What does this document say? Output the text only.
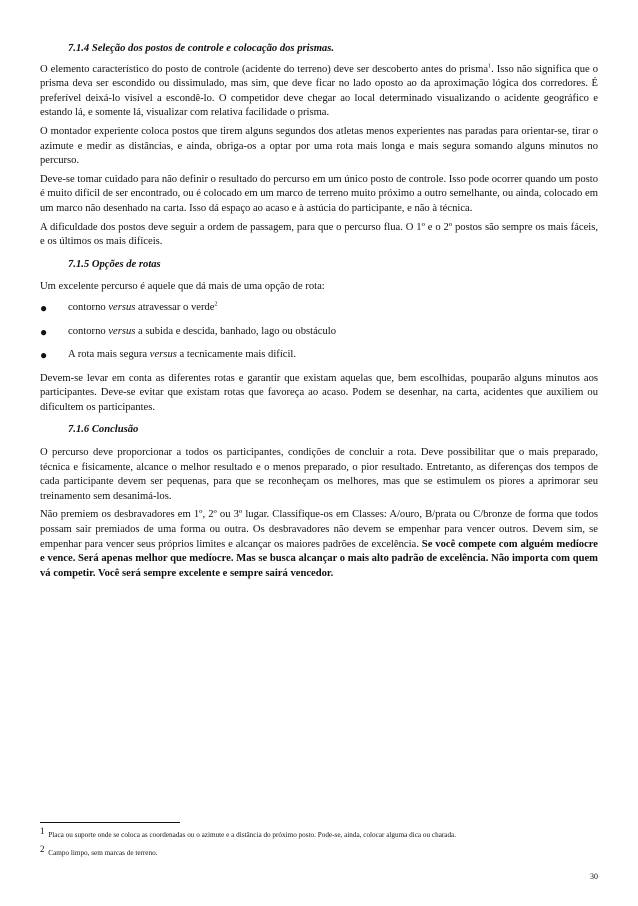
7.1.4 Seleção dos postos de controle e colocação dos prismas.

O elemento característico do posto de controle (acidente do terreno) deve ser descoberto antes do prisma$^1$. Isso não significa que o prisma deva ser escondido ou dissimulado, mas sim, que deve ficar no lado oposto ao da aproximação lógica dos corredores. É preferível deixá-lo visível a escondê-lo. O competidor deve chegar ao local determinado visualizando o acidente geográfico e estando lá, e somente lá, visualizar com relativa facilidade o prisma.

O montador experiente coloca postos que tirem alguns segundos dos atletas menos experientes nas paradas para orientar-se, tirar o azimute e medir as distâncias, e ainda, obriga-os a optar por uma rota mais longa e mais segura somando alguns minutos no percurso.

Deve-se tomar cuidado para não definir o resultado do percurso em um único posto de controle. Isso pode ocorrer quando um posto é muito difícil de ser encontrado, ou é colocado em um marco de terreno muito próximo a outro semelhante, ou ainda, colocado em um marco não desenhado na carta. Isso dá espaço ao acaso e à astúcia do participante, e não à técnica.

A dificuldade dos postos deve seguir a ordem de passagem, para que o percurso flua. O 1º e o 2º postos são sempre os mais fáceis, e os últimos os mais difíceis.

7.1.5 Opções de rotas

Um excelente percurso é aquele que dá mais de uma opção de rota:

● contorno versus atravessar o verde$^2$
● contorno versus a subida e descida, banhado, lago ou obstáculo
● A rota mais segura versus a tecnicamente mais difícil.

Devem-se levar em conta as diferentes rotas e garantir que existam aquelas que, bem escolhidas, pouparão alguns minutos aos participantes. Deve-se evitar que existam rotas que favoreça ao acaso. Podem se desenhar, na carta, acidentes que auxiliem ou dificultem os participantes.

7.1.6 Conclusão

O percurso deve proporcionar a todos os participantes, condições de concluir a rota. Deve possibilitar que o mais preparado, técnica e fisicamente, alcance o melhor resultado e o menos preparado, o pior resultado. Entretanto, as diferenças dos tempos de cada participante devem ser pequenas, para que se reconheçam os melhores, mas que se estimulem os piores a aprimorar seu treinamento sem desanimá-los.

Não premiem os desbravadores em 1º, 2º ou 3º lugar. Classifique-os em Classes: A/ouro, B/prata ou C/bronze de forma que todos possam sair premiados de uma forma ou outra. Os desbravadores não devem se empenhar para vencer outros. Devem sim, se empenhar para vencer seus próprios limites e alcançar os maiores padrões de excelência. Se você compete com alguém medíocre e vence. Será apenas melhor que medíocre. Mas se busca alcançar o mais alto padrão de excelência. Não importa com quem vá competir. Você será sempre excelente e sempre sairá vencedor.

1 Placa ou suporte onde se coloca as coordenadas ou o azimute e a distância do próximo posto. Pode-se, ainda, colocar alguma dica ou charada.
2 Campo limpo, sem marcas de terreno.
30
